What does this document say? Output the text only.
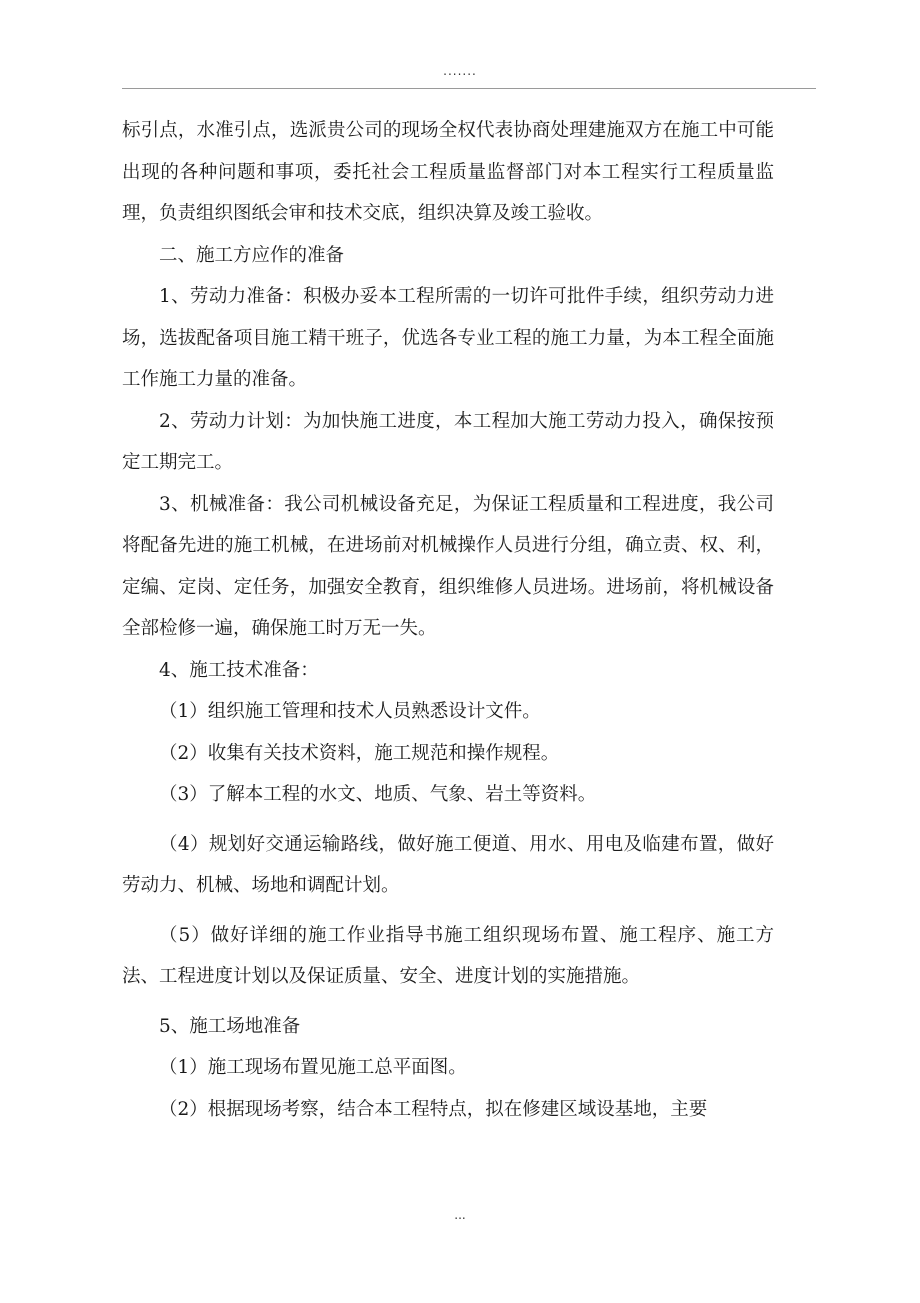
.......

标引点，水准引点，选派贵公司的现场全权代表协商处理建施双方在施工中可能出现的各种问题和事项，委托社会工程质量监督部门对本工程实行工程质量监理，负责组织图纸会审和技术交底，组织决算及竣工验收。

二、施工方应作的准备

1、劳动力准备：积极办妥本工程所需的一切许可批件手续，组织劳动力进场，选拔配备项目施工精干班子，优选各专业工程的施工力量，为本工程全面施工作施工力量的准备。

2、劳动力计划：为加快施工进度，本工程加大施工劳动力投入，确保按预定工期完工。

3、机械准备：我公司机械设备充足，为保证工程质量和工程进度，我公司将配备先进的施工机械，在进场前对机械操作人员进行分组，确立责、权、利，定编、定岗、定任务，加强安全教育，组织维修人员进场。进场前，将机械设备全部检修一遍，确保施工时万无一失。

4、施工技术准备：

（1）组织施工管理和技术人员熟悉设计文件。

（2）收集有关技术资料，施工规范和操作规程。

（3）了解本工程的水文、地质、气象、岩土等资料。

（4）规划好交通运输路线，做好施工便道、用水、用电及临建布置，做好劳动力、机械、场地和调配计划。

（5）做好详细的施工作业指导书施工组织现场布置、施工程序、施工方法、工程进度计划以及保证质量、安全、进度计划的实施措施。

5、施工场地准备

（1）施工现场布置见施工总平面图。

（2）根据现场考察，结合本工程特点，拟在修建区域设基地，主要

...
